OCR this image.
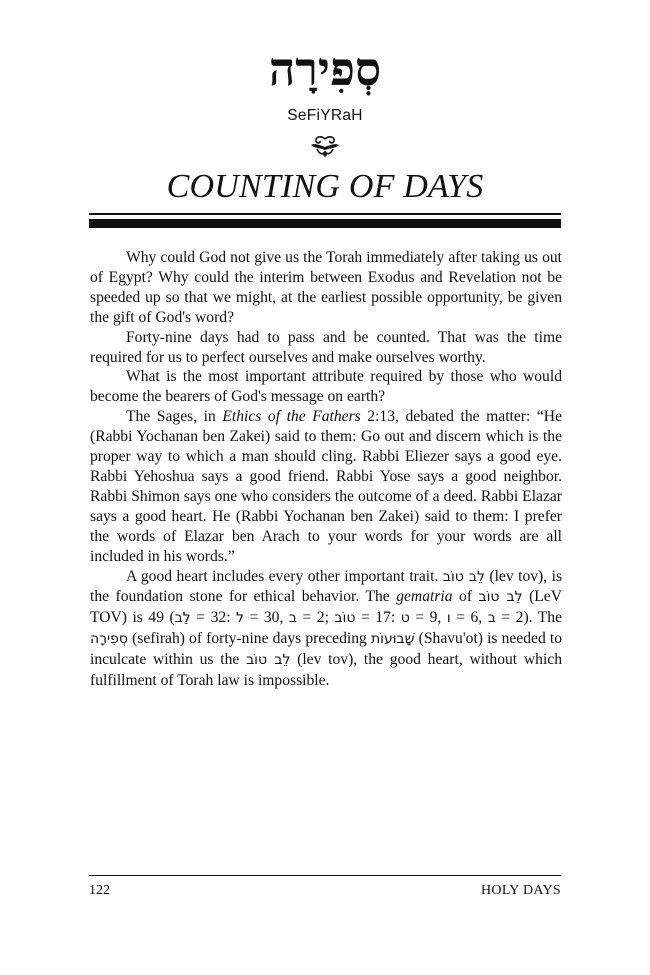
סְפִירָה
SeFiYRaH
COUNTING OF DAYS

Why could God not give us the Torah immediately after taking us out of Egypt? Why could the interim between Exodus and Revelation not be speeded up so that we might, at the earliest possible opportunity, be given the gift of God's word?

Forty-nine days had to pass and be counted. That was the time required for us to perfect ourselves and make ourselves worthy.

What is the most important attribute required by those who would become the bearers of God's message on earth?

The Sages, in Ethics of the Fathers 2:13, debated the matter: “He (Rabbi Yochanan ben Zakei) said to them: Go out and discern which is the proper way to which a man should cling. Rabbi Eliezer says a good eye. Rabbi Yehoshua says a good friend. Rabbi Yose says a good neighbor. Rabbi Shimon says one who considers the outcome of a deed. Rabbi Elazar says a good heart. He (Rabbi Yochanan ben Zakei) said to them: I prefer the words of Elazar ben Arach to your words for your words are all included in his words.”

A good heart includes every other important trait. לֵב טוֹב (lev tov), is the foundation stone for ethical behavior. The gematria of לֵב טוֹב (LeV TOV) is 49 (לֵב = 32: ל = 30, ב = 2; טוֹב = 17: ט = 9, ו = 6, ב = 2). The סְפִירָה (sefirah) of forty-nine days preceding שָׁבוּעוֹת (Shavu'ot) is needed to inculcate within us the לֵב טוֹב (lev tov), the good heart, without which fulfillment of Torah law is impossible.

122	HOLY DAYS
